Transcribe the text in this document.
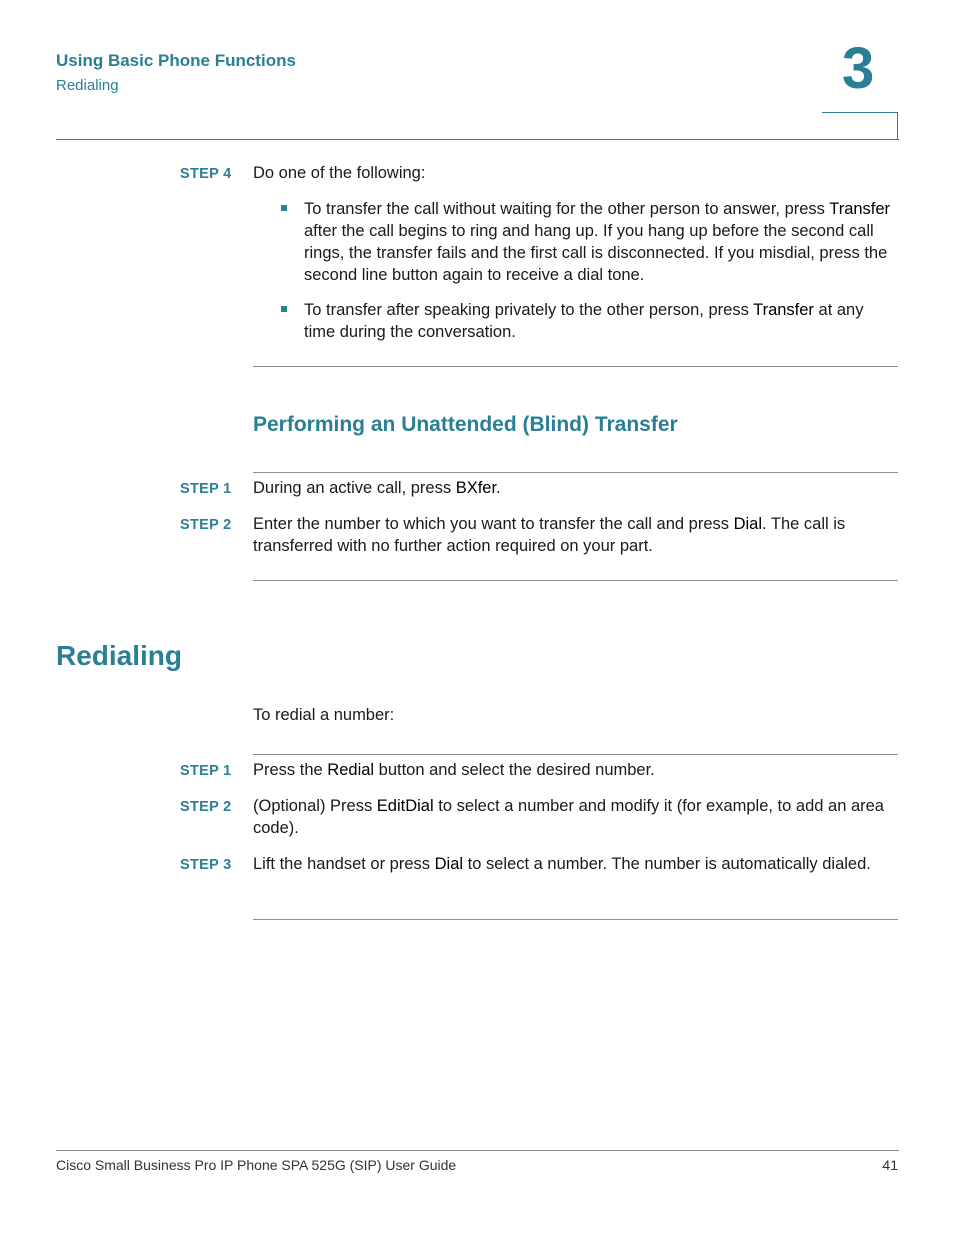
Using Basic Phone Functions
Redialing	3
STEP 4 Do one of the following:
To transfer the call without waiting for the other person to answer, press Transfer after the call begins to ring and hang up. If you hang up before the second call rings, the transfer fails and the first call is disconnected. If you misdial, press the second line button again to receive a dial tone.
To transfer after speaking privately to the other person, press Transfer at any time during the conversation.
Performing an Unattended (Blind) Transfer
STEP 1 During an active call, press BXfer.
STEP 2 Enter the number to which you want to transfer the call and press Dial. The call is transferred with no further action required on your part.
Redialing
To redial a number:
STEP 1 Press the Redial button and select the desired number.
STEP 2 (Optional) Press EditDial to select a number and modify it (for example, to add an area code).
STEP 3 Lift the handset or press Dial to select a number. The number is automatically dialed.
Cisco Small Business Pro IP Phone SPA 525G (SIP) User Guide	41
